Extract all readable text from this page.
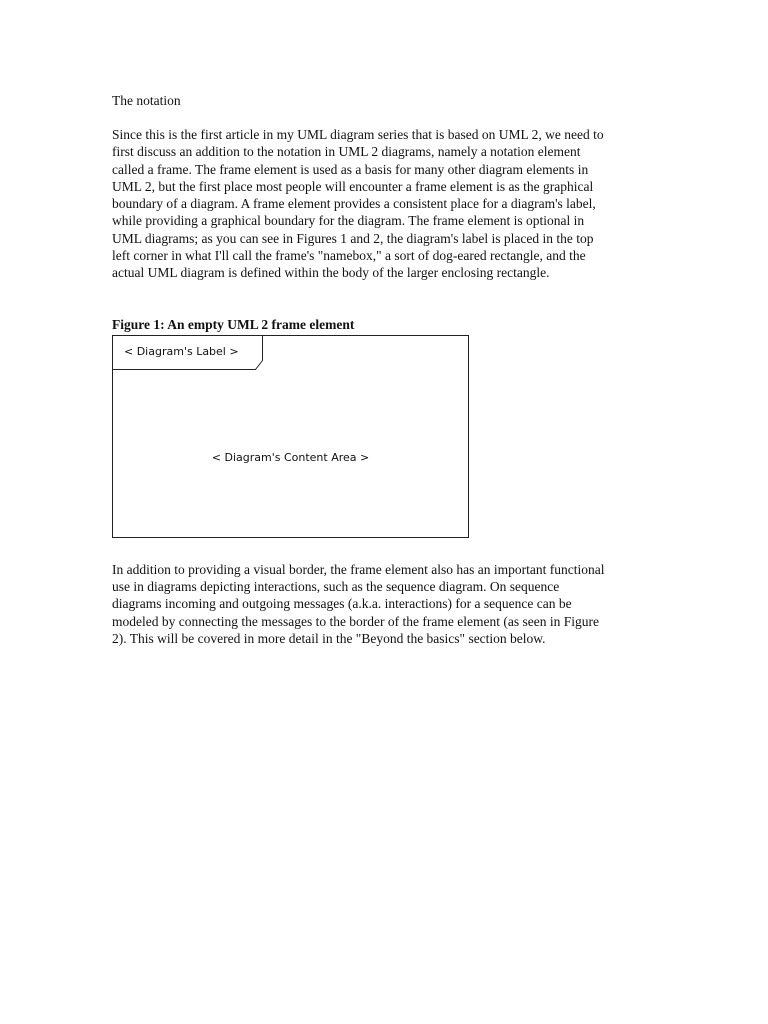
The notation

Since this is the first article in my UML diagram series that is based on UML 2, we need to
first discuss an addition to the notation in UML 2 diagrams, namely a notation element
called a frame. The frame element is used as a basis for many other diagram elements in
UML 2, but the first place most people will encounter a frame element is as the graphical
boundary of a diagram. A frame element provides a consistent place for a diagram's label,
while providing a graphical boundary for the diagram. The frame element is optional in
UML diagrams; as you can see in Figures 1 and 2, the diagram's label is placed in the top
left corner in what I'll call the frame's "namebox," a sort of dog-eared rectangle, and the
actual UML diagram is defined within the body of the larger enclosing rectangle.

Figure 1: An empty UML 2 frame element
< Diagram's Label >
< Diagram's Content Area >

In addition to providing a visual border, the frame element also has an important functional
use in diagrams depicting interactions, such as the sequence diagram. On sequence
diagrams incoming and outgoing messages (a.k.a. interactions) for a sequence can be
modeled by connecting the messages to the border of the frame element (as seen in Figure
2). This will be covered in more detail in the "Beyond the basics" section below.
